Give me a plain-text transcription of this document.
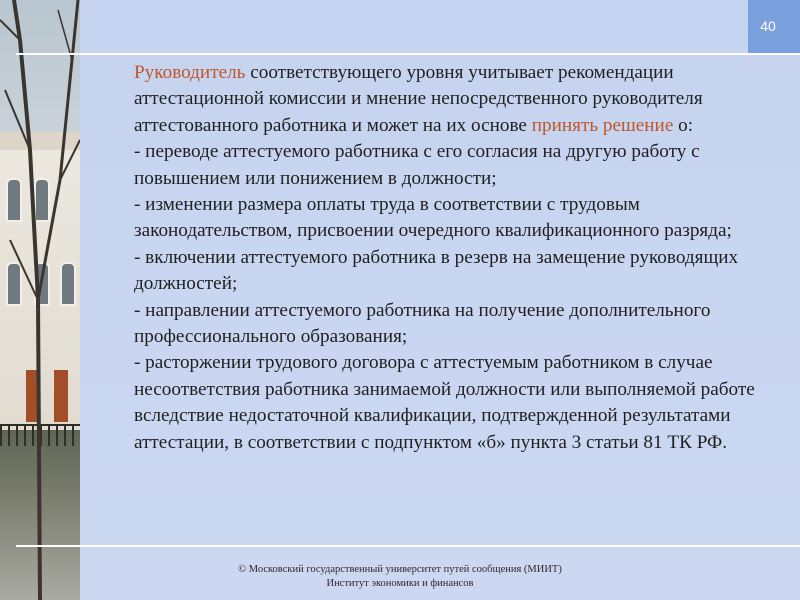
40

Руководитель соответствующего уровня учитывает рекомендации аттестационной комиссии и мнение непосредственного руководителя аттестованного работника и может на их основе принять решение о:

- переводе аттестуемого работника с его согласия на другую работу с повышением или понижением в должности;

- изменении размера оплаты труда в соответствии с трудовым законодательством, присвоении очередного квалификационного разряда;

- включении аттестуемого работника в резерв на замещение руководящих должностей;

- направлении аттестуемого работника на получение дополнительного профессионального образования;

- расторжении трудового договора с аттестуемым работником в случае несоответствия работника занимаемой должности или выполняемой работе вследствие недостаточной квалификации, подтвержденной результатами аттестации, в соответствии с подпунктом «б» пункта 3 статьи 81 ТК РФ.

© Московский государственный университет путей сообщения (МИИТ)
Институт экономики и финансов
